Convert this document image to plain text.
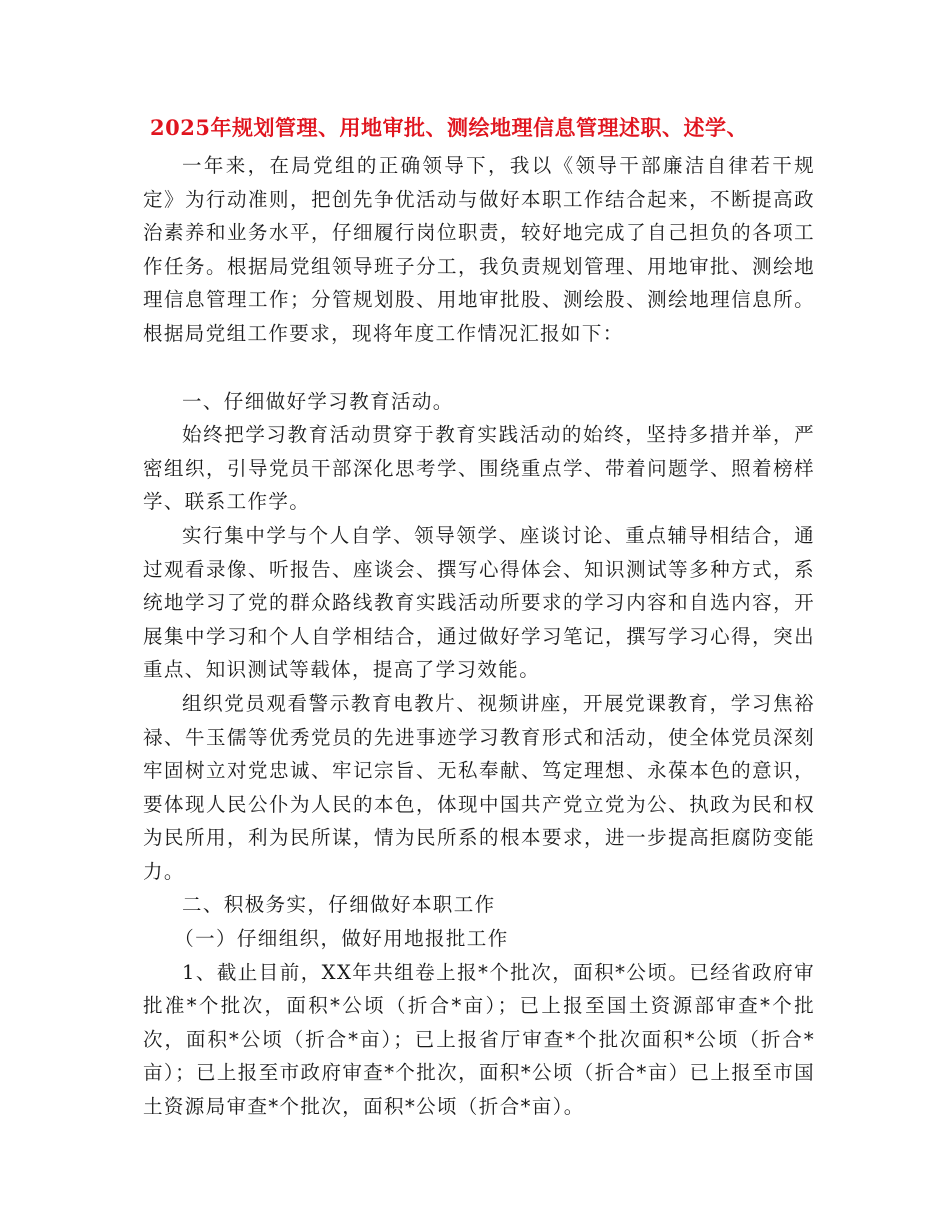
2025年规划管理、用地审批、测绘地理信息管理述职、述学、

一年来，在局党组的正确领导下，我以《领导干部廉洁自律若干规定》为行动准则，把创先争优活动与做好本职工作结合起来，不断提高政治素养和业务水平，仔细履行岗位职责，较好地完成了自己担负的各项工作任务。根据局党组领导班子分工，我负责规划管理、用地审批、测绘地理信息管理工作；分管规划股、用地审批股、测绘股、测绘地理信息所。根据局党组工作要求，现将年度工作情况汇报如下：

一、仔细做好学习教育活动。

始终把学习教育活动贯穿于教育实践活动的始终，坚持多措并举，严密组织，引导党员干部深化思考学、围绕重点学、带着问题学、照着榜样学、联系工作学。

实行集中学与个人自学、领导领学、座谈讨论、重点辅导相结合，通过观看录像、听报告、座谈会、撰写心得体会、知识测试等多种方式，系统地学习了党的群众路线教育实践活动所要求的学习内容和自选内容，开展集中学习和个人自学相结合，通过做好学习笔记，撰写学习心得，突出重点、知识测试等载体，提高了学习效能。

组织党员观看警示教育电教片、视频讲座，开展党课教育，学习焦裕禄、牛玉儒等优秀党员的先进事迹学习教育形式和活动，使全体党员深刻牢固树立对党忠诚、牢记宗旨、无私奉献、笃定理想、永葆本色的意识，要体现人民公仆为人民的本色，体现中国共产党立党为公、执政为民和权为民所用，利为民所谋，情为民所系的根本要求，进一步提高拒腐防变能力。

二、积极务实，仔细做好本职工作

（一）仔细组织，做好用地报批工作

1、截止目前，XX年共组卷上报*个批次，面积*公顷。已经省政府审批准*个批次，面积*公顷（折合*亩）；已上报至国土资源部审查*个批次，面积*公顷（折合*亩）；已上报省厅审查*个批次面积*公顷（折合*亩）；已上报至市政府审查*个批次，面积*公顷（折合*亩）已上报至市国土资源局审查*个批次，面积*公顷（折合*亩）。
